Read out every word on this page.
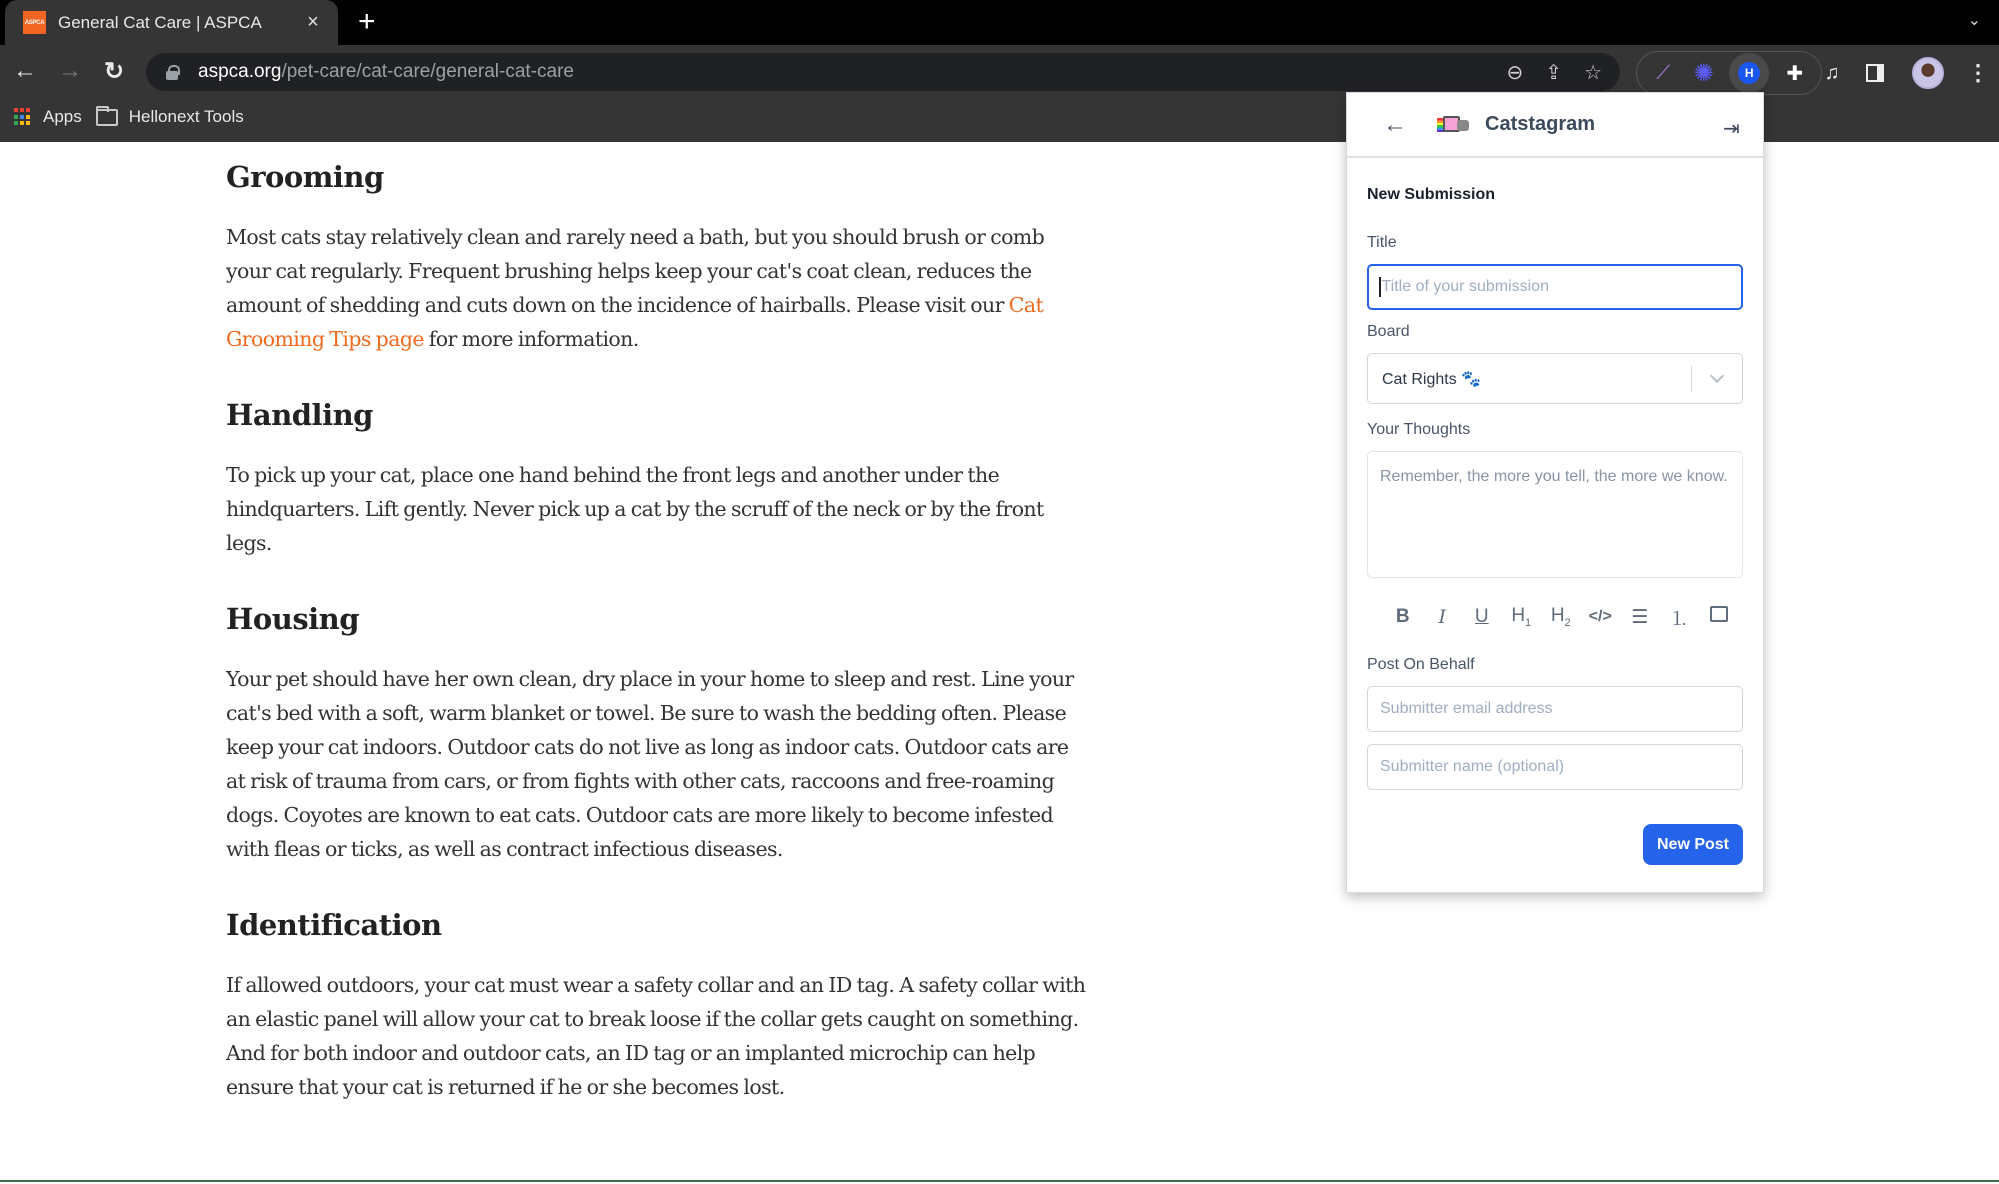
ASPCA General Cat Care | ASPCA	× +	⌄
← → ↻	aspca.org /pet-care/cat-care/general-cat-care	⊖ ⇪ ☆	⟋ ✺	H	✚	♫	⋮
Apps	Hellonext Tools
Grooming

Most cats stay relatively clean and rarely need a bath, but you should brush or comb your cat regularly. Frequent brushing helps keep your cat's coat clean, reduces the amount of shedding and cuts down on the incidence of hairballs. Please visit our Cat Grooming Tips page for more information.

Handling

To pick up your cat, place one hand behind the front legs and another under the hindquarters. Lift gently. Never pick up a cat by the scruff of the neck or by the front legs.

Housing

Your pet should have her own clean, dry place in your home to sleep and rest. Line your cat's bed with a soft, warm blanket or towel. Be sure to wash the bedding often. Please keep your cat indoors. Outdoor cats do not live as long as indoor cats. Outdoor cats are at risk of trauma from cars, or from fights with other cats, raccoons and free-roaming dogs. Coyotes are known to eat cats. Outdoor cats are more likely to become infested with fleas or ticks, as well as contract infectious diseases.

Identification

If allowed outdoors, your cat must wear a safety collar and an ID tag. A safety collar with an elastic panel will allow your cat to break loose if the collar gets caught on something. And for both indoor and outdoor cats, an ID tag or an implanted microchip can help ensure that your cat is returned if he or she becomes lost.

←	Catstagram	⇥
New Submission
Title
Title of your submission
Board
Cat Rights 🐾
Your Thoughts
Remember, the more you tell, the more we know.
B	I	U	$H_1$	$H_2$	</>	☰	⒈
Post On Behalf
Submitter email address
Submitter name (optional)
New Post
